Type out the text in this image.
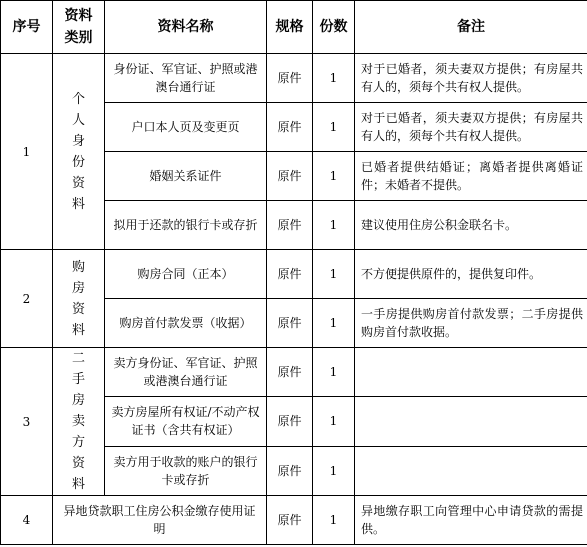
序号	资料类别	资料名称	规格	份数	备注
1	个人身份资料	身份证、军官证、护照或港澳台通行证	原件	1	对于已婚者，须夫妻双方提供；有房屋共有人的，须每个共有权人提供。
		户口本人页及变更页	原件	1	对于已婚者，须夫妻双方提供；有房屋共有人的，须每个共有权人提供。
		婚姻关系证件	原件	1	已婚者提供结婚证；离婚者提供离婚证件；未婚者不提供。
		拟用于还款的银行卡或存折	原件	1	建议使用住房公积金联名卡。
2	购房资料	购房合同（正本）	原件	1	不方便提供原件的，提供复印件。
		购房首付款发票（收据）	原件	1	一手房提供购房首付款发票；二手房提供购房首付款收据。
3	二手房卖方资料	卖方身份证、军官证、护照或港澳台通行证	原件	1	
		卖方房屋所有权证/不动产权证书（含共有权证）	原件	1	
		卖方用于收款的账户的银行卡或存折	原件	1	
4	异地贷款职工住房公积金缴存使用证明		原件	1	异地缴存职工向管理中心申请贷款的需提供。
